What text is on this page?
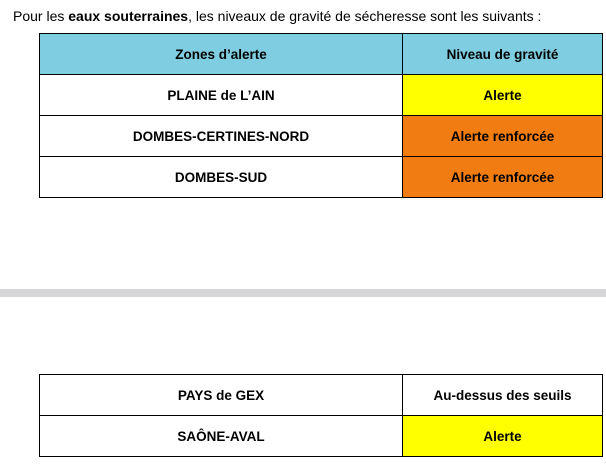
Pour les eaux souterraines, les niveaux de gravité de sécheresse sont les suivants :
Zones d’alerte	Niveau de gravité
PLAINE de L’AIN	Alerte
DOMBES-CERTINES-NORD	Alerte renforcée
DOMBES-SUD	Alerte renforcée
PAYS de GEX	Au-dessus des seuils
SAÔNE-AVAL	Alerte
